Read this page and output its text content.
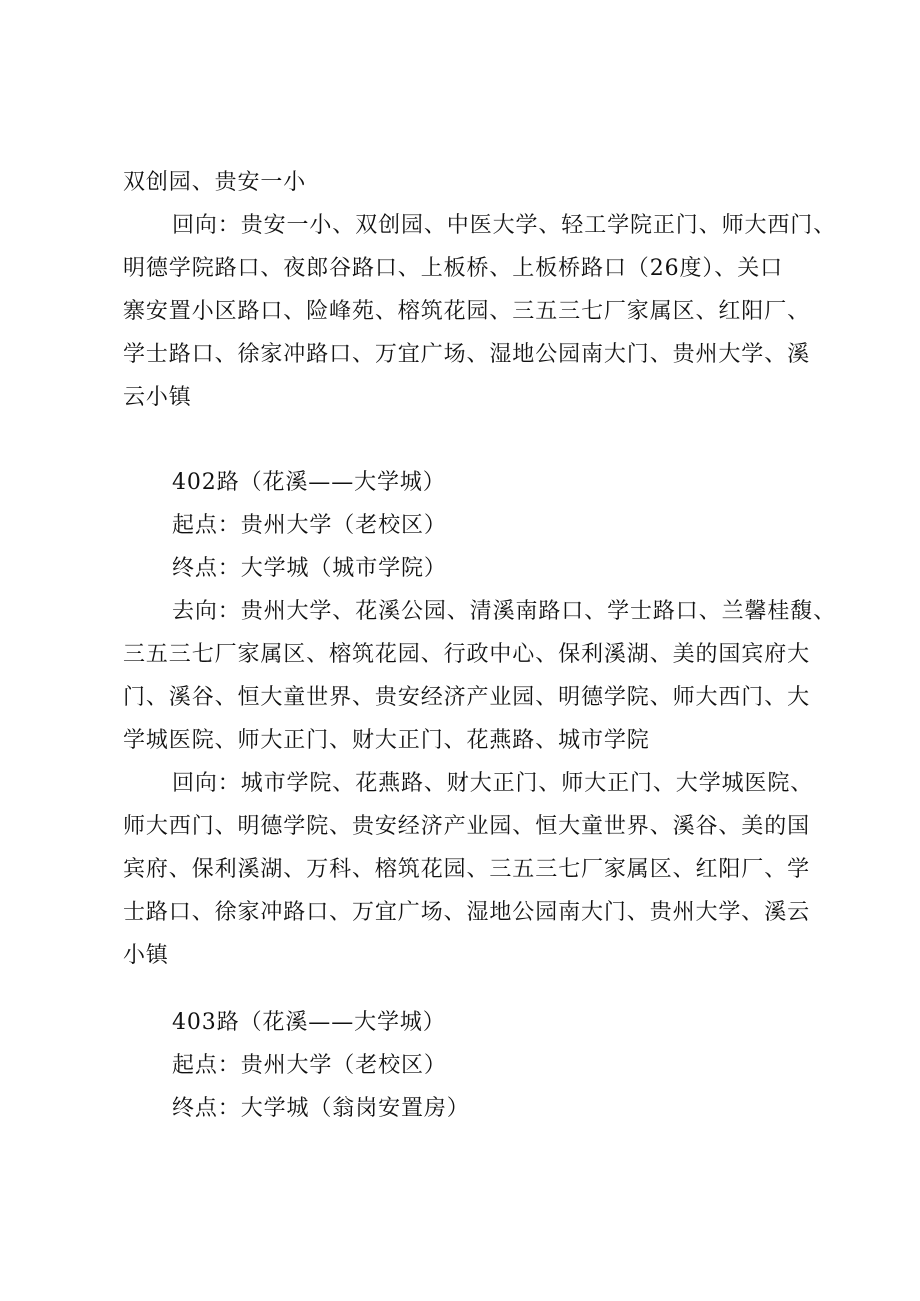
双创园、贵安一小
回向：贵安一小、双创园、中医大学、轻工学院正门、师大西门、
明德学院路口、夜郎谷路口、上板桥、上板桥路口（26度）、关口
寨安置小区路口、险峰苑、榕筑花园、三五三七厂家属区、红阳厂、
学士路口、徐家冲路口、万宜广场、湿地公园南大门、贵州大学、溪
云小镇
402路（花溪——大学城）
起点：贵州大学（老校区）
终点：大学城（城市学院）
去向：贵州大学、花溪公园、清溪南路口、学士路口、兰馨桂馥、
三五三七厂家属区、榕筑花园、行政中心、保利溪湖、美的国宾府大
门、溪谷、恒大童世界、贵安经济产业园、明德学院、师大西门、大
学城医院、师大正门、财大正门、花燕路、城市学院
回向：城市学院、花燕路、财大正门、师大正门、大学城医院、
师大西门、明德学院、贵安经济产业园、恒大童世界、溪谷、美的国
宾府、保利溪湖、万科、榕筑花园、三五三七厂家属区、红阳厂、学
士路口、徐家冲路口、万宜广场、湿地公园南大门、贵州大学、溪云
小镇
403路（花溪——大学城）
起点：贵州大学（老校区）
终点：大学城（翁岗安置房）
